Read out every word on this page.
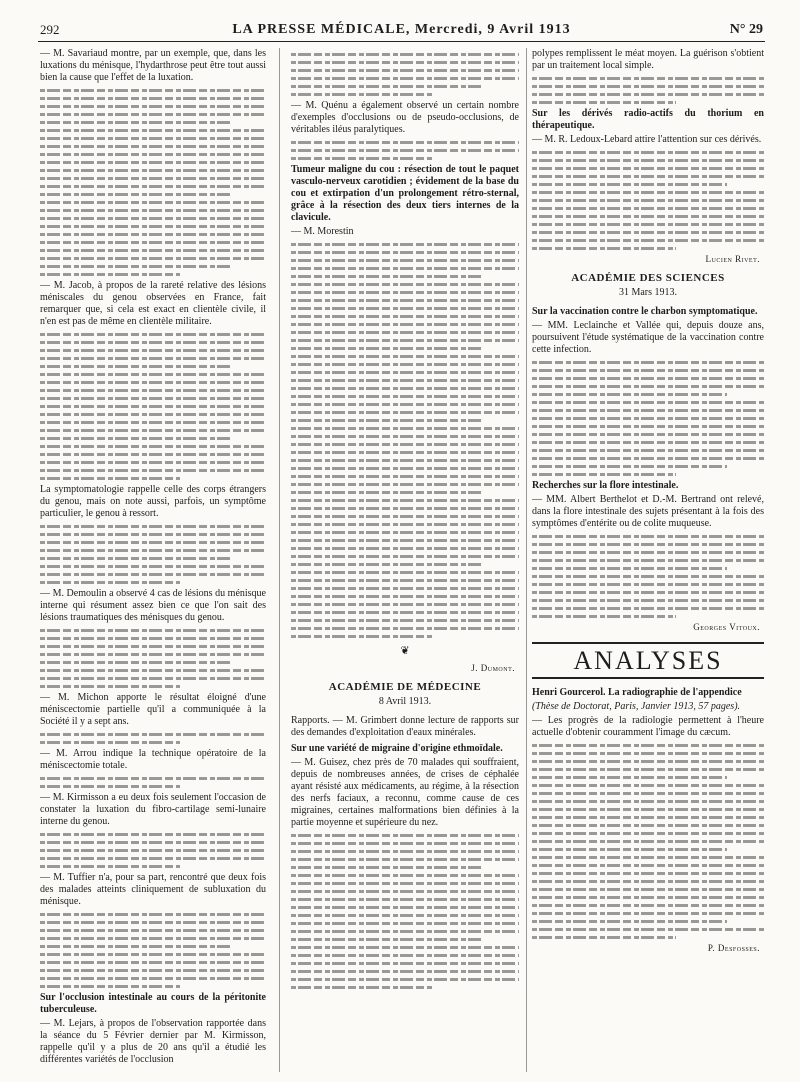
292	LA PRESSE MÉDICALE, Mercredi, 9 Avril 1913	N° 29

— M. Savariaud montre, par un exemple, que, dans les luxations du ménisque, l'hydarthrose peut être tout aussi bien la cause que l'effet de la luxation.

— M. Jacob, à propos de la rareté relative des lésions méniscales du genou observées en France, fait remarquer que, si cela est exact en clientèle civile, il n'en est pas de même en clientèle militaire.

La symptomatologie rappelle celle des corps étrangers du genou, mais on note aussi, parfois, un symptôme particulier, le genou à ressort.

— M. Demoulin a observé 4 cas de lésions du ménisque interne qui résument assez bien ce que l'on sait des lésions traumatiques des ménisques du genou.

— M. Michon apporte le résultat éloigné d'une méniscectomie partielle qu'il a communiquée à la Société il y a sept ans.

— M. Arrou indique la technique opératoire de la méniscectomie totale.

— M. Kirmisson a eu deux fois seulement l'occasion de constater la luxation du fibro-cartilage semi-lunaire interne du genou.

— M. Tuffier n'a, pour sa part, rencontré que deux fois des malades atteints cliniquement de subluxation du ménisque.

Sur l'occlusion intestinale au cours de la péritonite tuberculeuse.

— M. Lejars, à propos de l'observation rapportée dans la séance du 5 Février dernier par M. Kirmisson, rappelle qu'il y a plus de 20 ans qu'il a étudié les différentes variétés de l'occlusion

— M. Quénu a également observé un certain nombre d'exemples d'occlusions ou de pseudo-occlusions, de véritables iléus paralytiques.

Tumeur maligne du cou : résection de tout le paquet vasculo-nerveux carotidien ; évidement de la base du cou et extirpation d'un prolongement rétro-sternal, grâce à la résection des deux tiers internes de la clavicule.

— M. Morestin

❦
J. Dumont.
ACADÉMIE DE MÉDECINE
8 Avril 1913.

Rapports. — M. Grimbert donne lecture de rapports sur des demandes d'exploitation d'eaux minérales.

Sur une variété de migraine d'origine ethmoïdale.

— M. Guisez, chez près de 70 malades qui souffraient, depuis de nombreuses années, de crises de céphalée ayant résisté aux médicaments, au régime, à la résection des nerfs faciaux, a reconnu, comme cause de ces migraines, certaines malformations bien définies à la partie moyenne et supérieure du nez.

polypes remplissent le méat moyen. La guérison s'obtient par un traitement local simple.

Sur les dérivés radio-actifs du thorium en thérapeutique.

— M. R. Ledoux-Lebard attire l'attention sur ces dérivés.

Lucien Rivet.
ACADÉMIE DES SCIENCES
31 Mars 1913.

Sur la vaccination contre le charbon symptomatique.

— MM. Leclainche et Vallée qui, depuis douze ans, poursuivent l'étude systématique de la vaccination contre cette infection.

Recherches sur la flore intestinale.

— MM. Albert Berthelot et D.-M. Bertrand ont relevé, dans la flore intestinale des sujets présentant à la fois des symptômes d'entérite ou de colite muqueuse.

Georges Vitoux.
ANALYSES

Henri Gourcerol. La radiographie de l'appendice

(Thèse de Doctorat, Paris, Janvier 1913, 57 pages).

— Les progrès de la radiologie permettent à l'heure actuelle d'obtenir couramment l'image du cæcum.

P. Desfosses.
